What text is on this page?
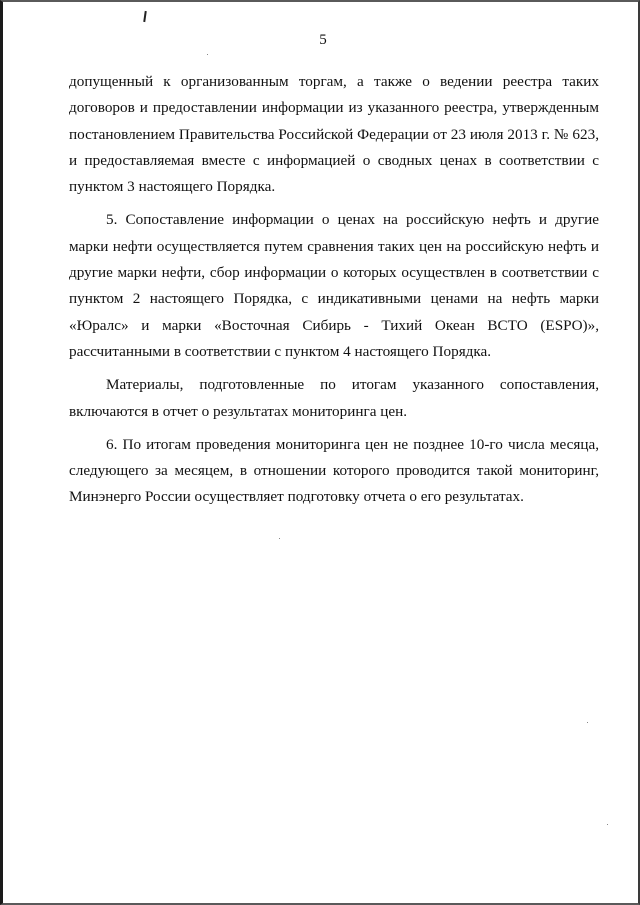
5

допущенный к организованным торгам, а также о ведении реестра таких договоров и предоставлении информации из указанного реестра, утвержденным постановлением Правительства Российской Федерации от 23 июля 2013 г. № 623, и предоставляемая вместе с информацией о сводных ценах в соответствии с пунктом 3 настоящего Порядка.

5. Сопоставление информации о ценах на российскую нефть и другие марки нефти осуществляется путем сравнения таких цен на российскую нефть и другие марки нефти, сбор информации о которых осуществлен в соответствии с пунктом 2 настоящего Порядка, с индикативными ценами на нефть марки «Юралс» и марки «Восточная Сибирь - Тихий Океан ВСТО (ESPO)», рассчитанными в соответствии с пунктом 4 настоящего Порядка.

Материалы, подготовленные по итогам указанного сопоставления, включаются в отчет о результатах мониторинга цен.

6. По итогам проведения мониторинга цен не позднее 10-го числа месяца, следующего за месяцем, в отношении которого проводится такой мониторинг, Минэнерго России осуществляет подготовку отчета о его результатах.
